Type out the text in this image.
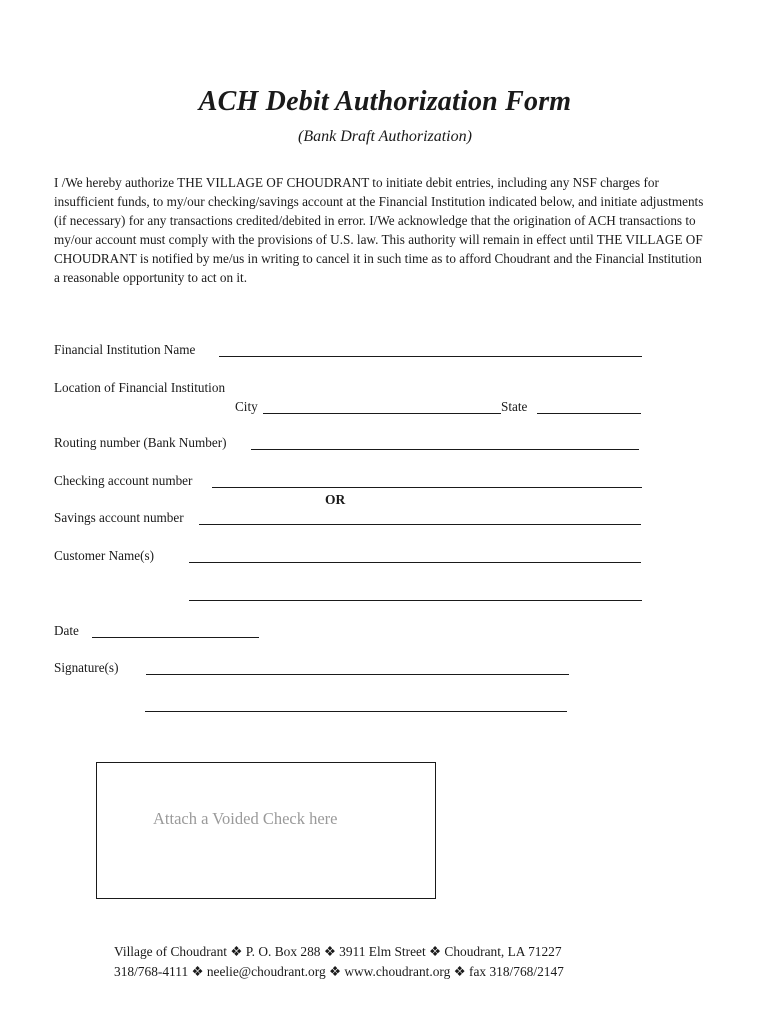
ACH Debit Authorization Form
(Bank Draft Authorization)

I /We hereby authorize THE VILLAGE OF CHOUDRANT to initiate debit entries, including any NSF charges for insufficient funds, to my/our checking/savings account at the Financial Institution indicated below, and initiate adjustments (if necessary) for any transactions credited/debited in error. I/We acknowledge that the origination of ACH transactions to my/our account must comply with the provisions of U.S. law. This authority will remain in effect until THE VILLAGE OF CHOUDRANT is notified by me/us in writing to cancel it in such time as to afford Choudrant and the Financial Institution a reasonable opportunity to act on it.

Financial Institution Name
Location of Financial Institution
City	State
Routing number (Bank Number)
Checking account number
OR
Savings account number
Customer Name(s)
Date
Signature(s)
Attach a Voided Check here
Village of Choudrant ❖ P. O. Box 288 ❖ 3911 Elm Street ❖ Choudrant, LA 71227
318/768-4111 ❖ neelie@choudrant.org ❖ www.choudrant.org ❖ fax 318/768/2147
